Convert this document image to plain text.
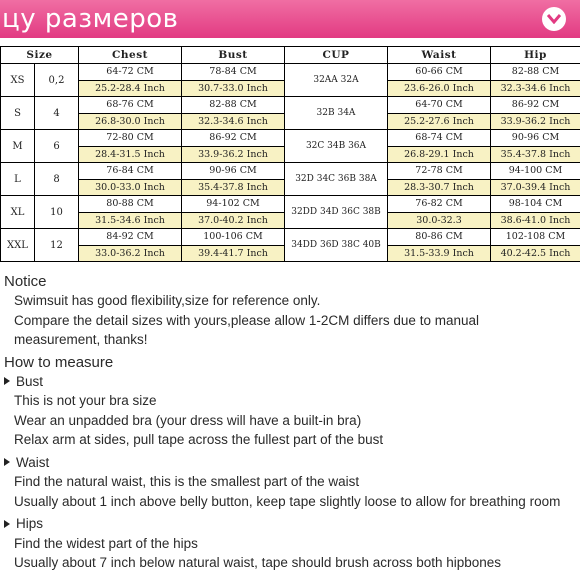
цу размеров
Size		Chest	Bust	CUP	Waist	Hip
XS	0,2	64-72 CM	78-84 CM	32AA 32A	60-66 CM	82-88 CM
		25.2-28.4 Inch	30.7-33.0 Inch		23.6-26.0 Inch	32.3-34.6 Inch
S	4	68-76 CM	82-88 CM	32B 34A	64-70 CM	86-92 CM
		26.8-30.0 Inch	32.3-34.6 Inch		25.2-27.6 Inch	33.9-36.2 Inch
M	6	72-80 CM	86-92 CM	32C 34B 36A	68-74 CM	90-96 CM
		28.4-31.5 Inch	33.9-36.2 Inch		26.8-29.1 Inch	35.4-37.8 Inch
L	8	76-84 CM	90-96 CM	32D 34C 36B 38A	72-78 CM	94-100 CM
		30.0-33.0 Inch	35.4-37.8 Inch		28.3-30.7 Inch	37.0-39.4 Inch
XL	10	80-88 CM	94-102 CM	32DD 34D 36C 38B	76-82 CM	98-104 CM
		31.5-34.6 Inch	37.0-40.2 Inch		30.0-32.3	38.6-41.0 Inch
XXL	12	84-92 CM	100-106 CM	34DD 36D 38C 40B	80-86 CM	102-108 CM
		33.0-36.2 Inch	39.4-41.7 Inch		31.5-33.9 Inch	40.2-42.5 Inch

Notice

Swimsuit has good flexibility,size for reference only.

Compare the detail sizes with yours,please allow 1-2CM differs due to manual

measurement, thanks!

How to measure

Bust

This is not your bra size

Wear an unpadded bra (your dress will have a built-in bra)

Relax arm at sides, pull tape across the fullest part of the bust

Waist

Find the natural waist, this is the smallest part of the waist

Usually about 1 inch above belly button, keep tape slightly loose to allow for breathing room

Hips

Find the widest part of the hips

Usually about 7 inch below natural waist, tape should brush across both hipbones
